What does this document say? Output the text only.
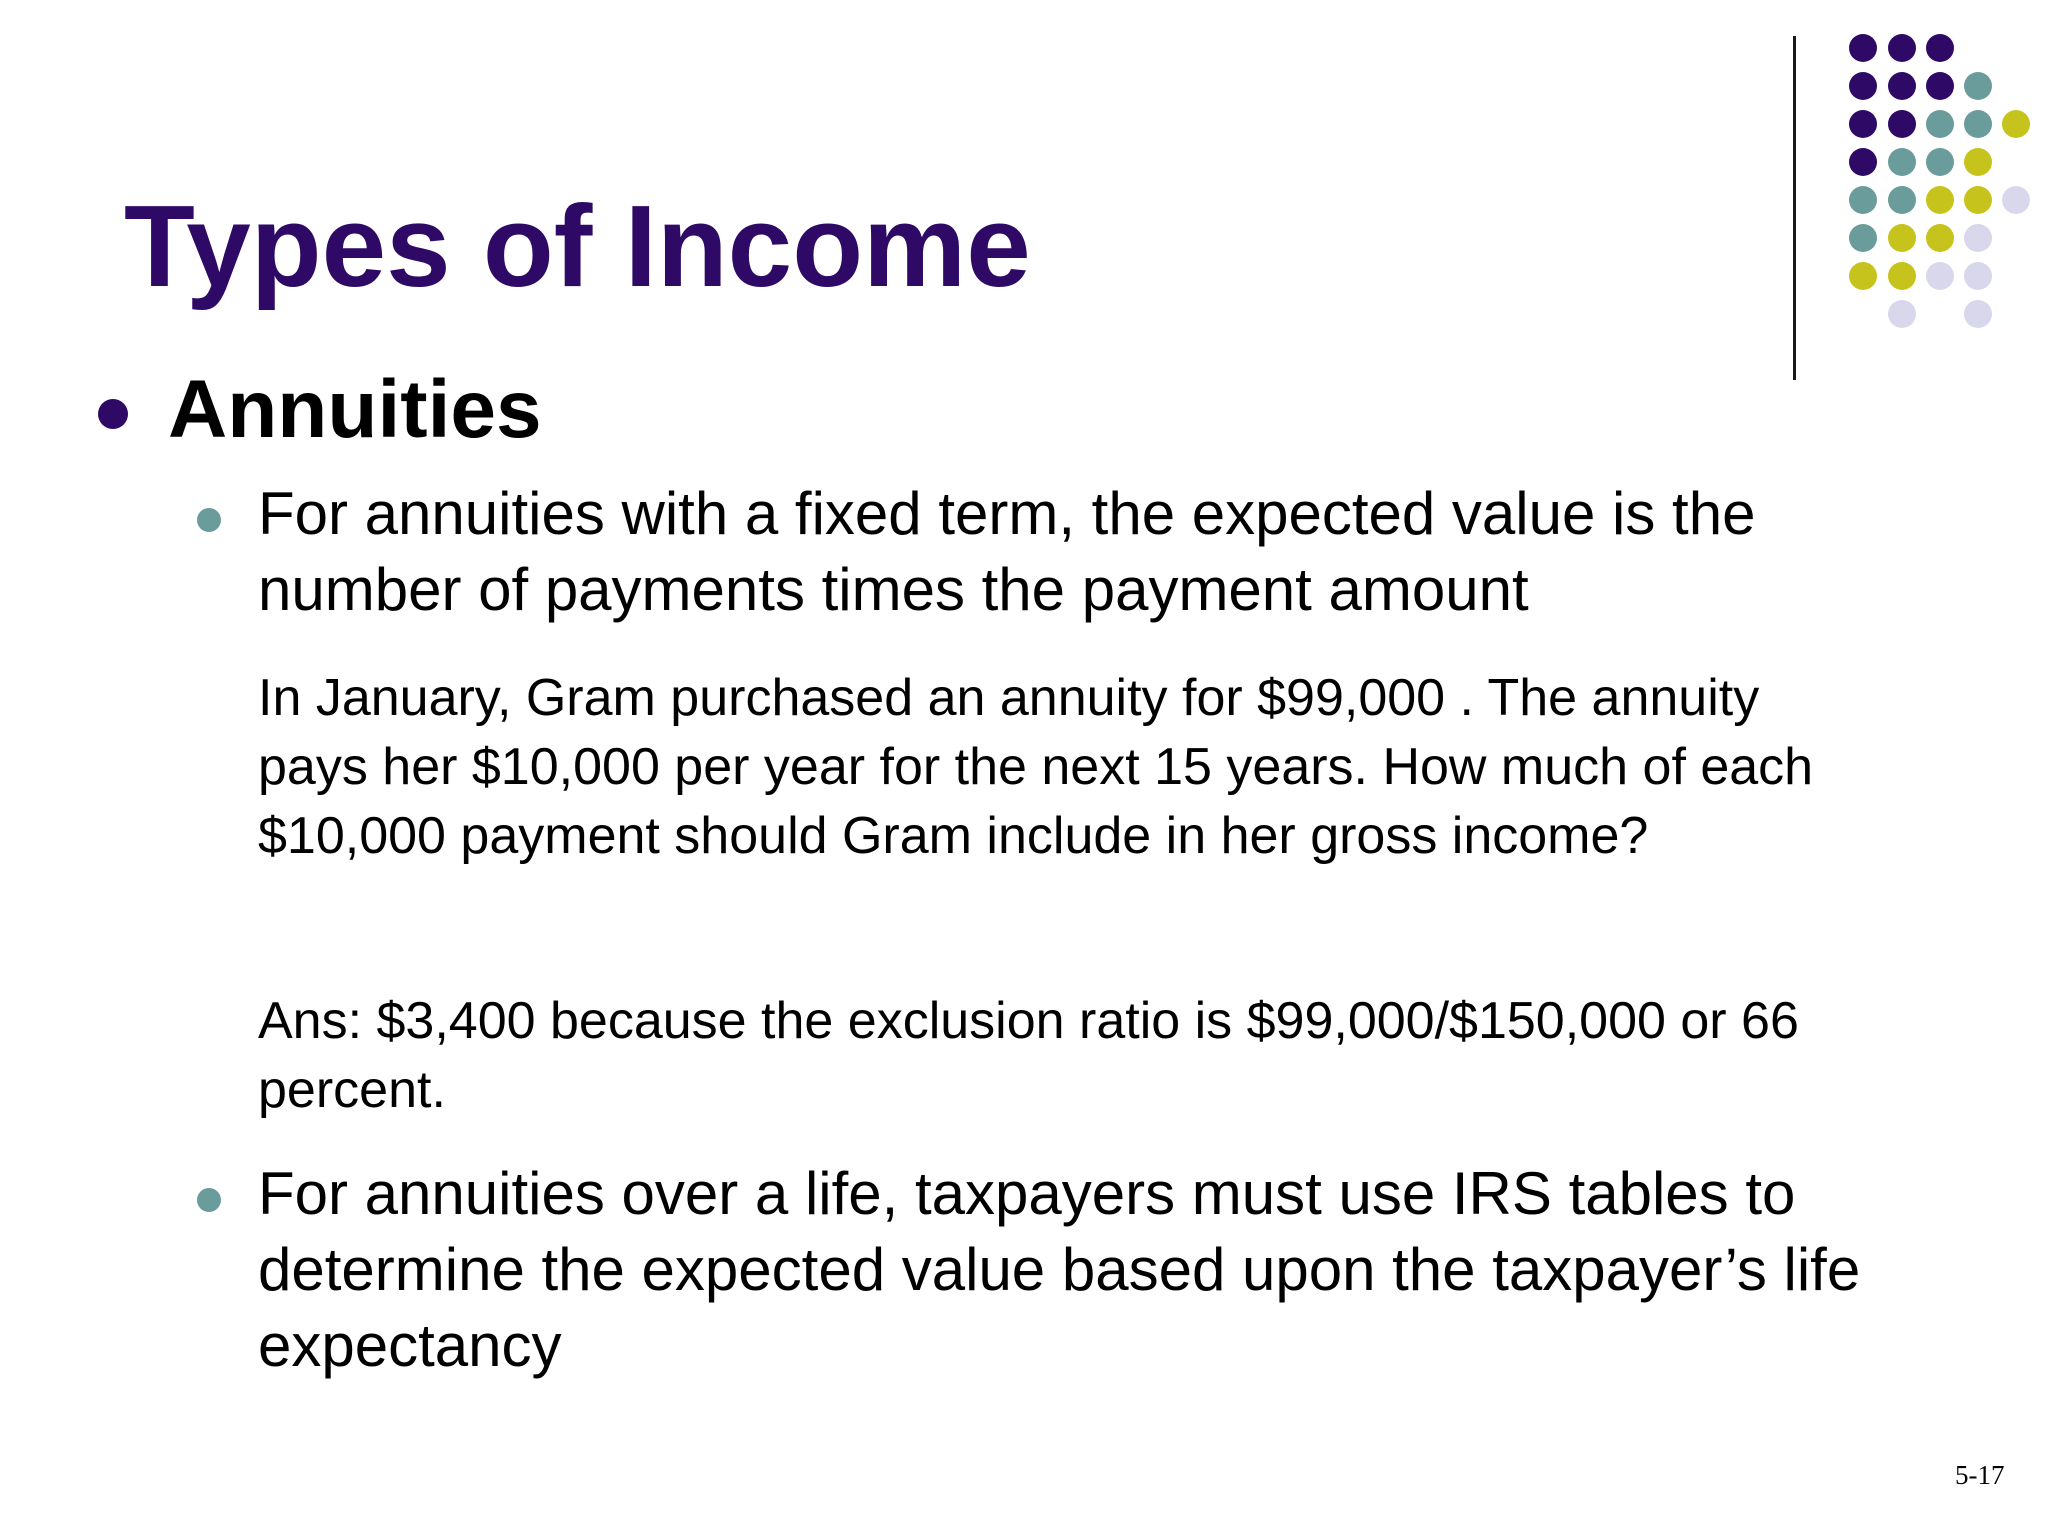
Types of Income
Annuities
For annuities with a fixed term, the expected value is the
number of payments times the payment amount
In January, Gram purchased an annuity for $99,000 . The annuity
pays her $10,000 per year for the next 15 years. How much of each
$10,000 payment should Gram include in her gross income?
Ans: $3,400 because the exclusion ratio is $99,000/$150,000 or 66
percent.
For annuities over a life, taxpayers must use IRS tables to
determine the expected value based upon the taxpayer’s life
expectancy
5-17
